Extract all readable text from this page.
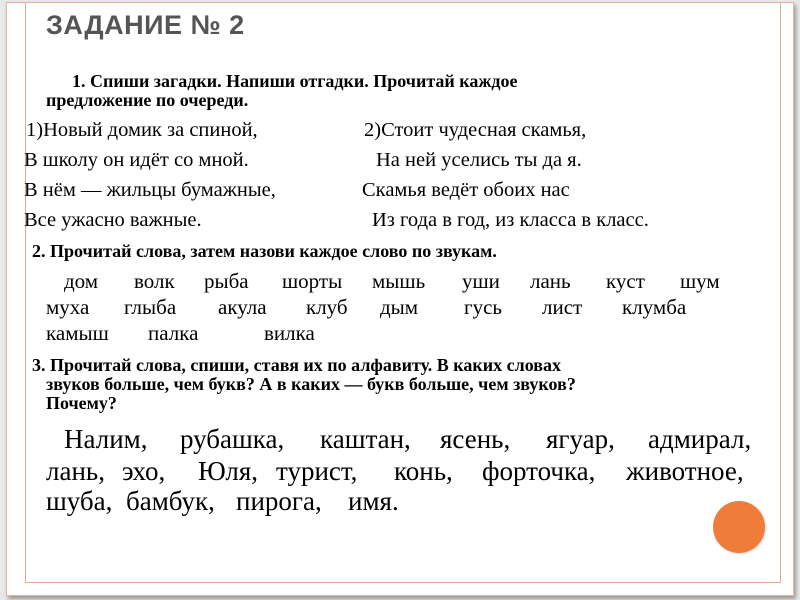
ЗАДАНИЕ № 2
1. Спиши загадки. Напиши отгадки. Прочитай каждое
предложение по очереди.
1)Новый домик за спиной,
В школу он идёт со мной.
В нём — жильцы бумажные,
Все ужасно важные.
2)Стоит чудесная скамья,
На ней уселись ты да я.
Скамья ведёт обоих нас
Из года в год, из класса в класс.
2. Прочитай слова, затем назови каждое слово по звукам.
дом волк рыба шорты мышь уши лань куст шум
муха глыба акула клуб дым гусь лист клумба
камыш палка	вилка
3. Прочитай слова, спиши, ставя их по алфавиту. В каких словах
звуков больше, чем букв? А в каких — букв больше, чем звуков?
Почему?
Налим, рубашка, каштан, ясень, ягуар, адмирал,
лань, эхо, Юля, турист, конь, форточка, животное,
шуба, бамбук, пирога, имя.
